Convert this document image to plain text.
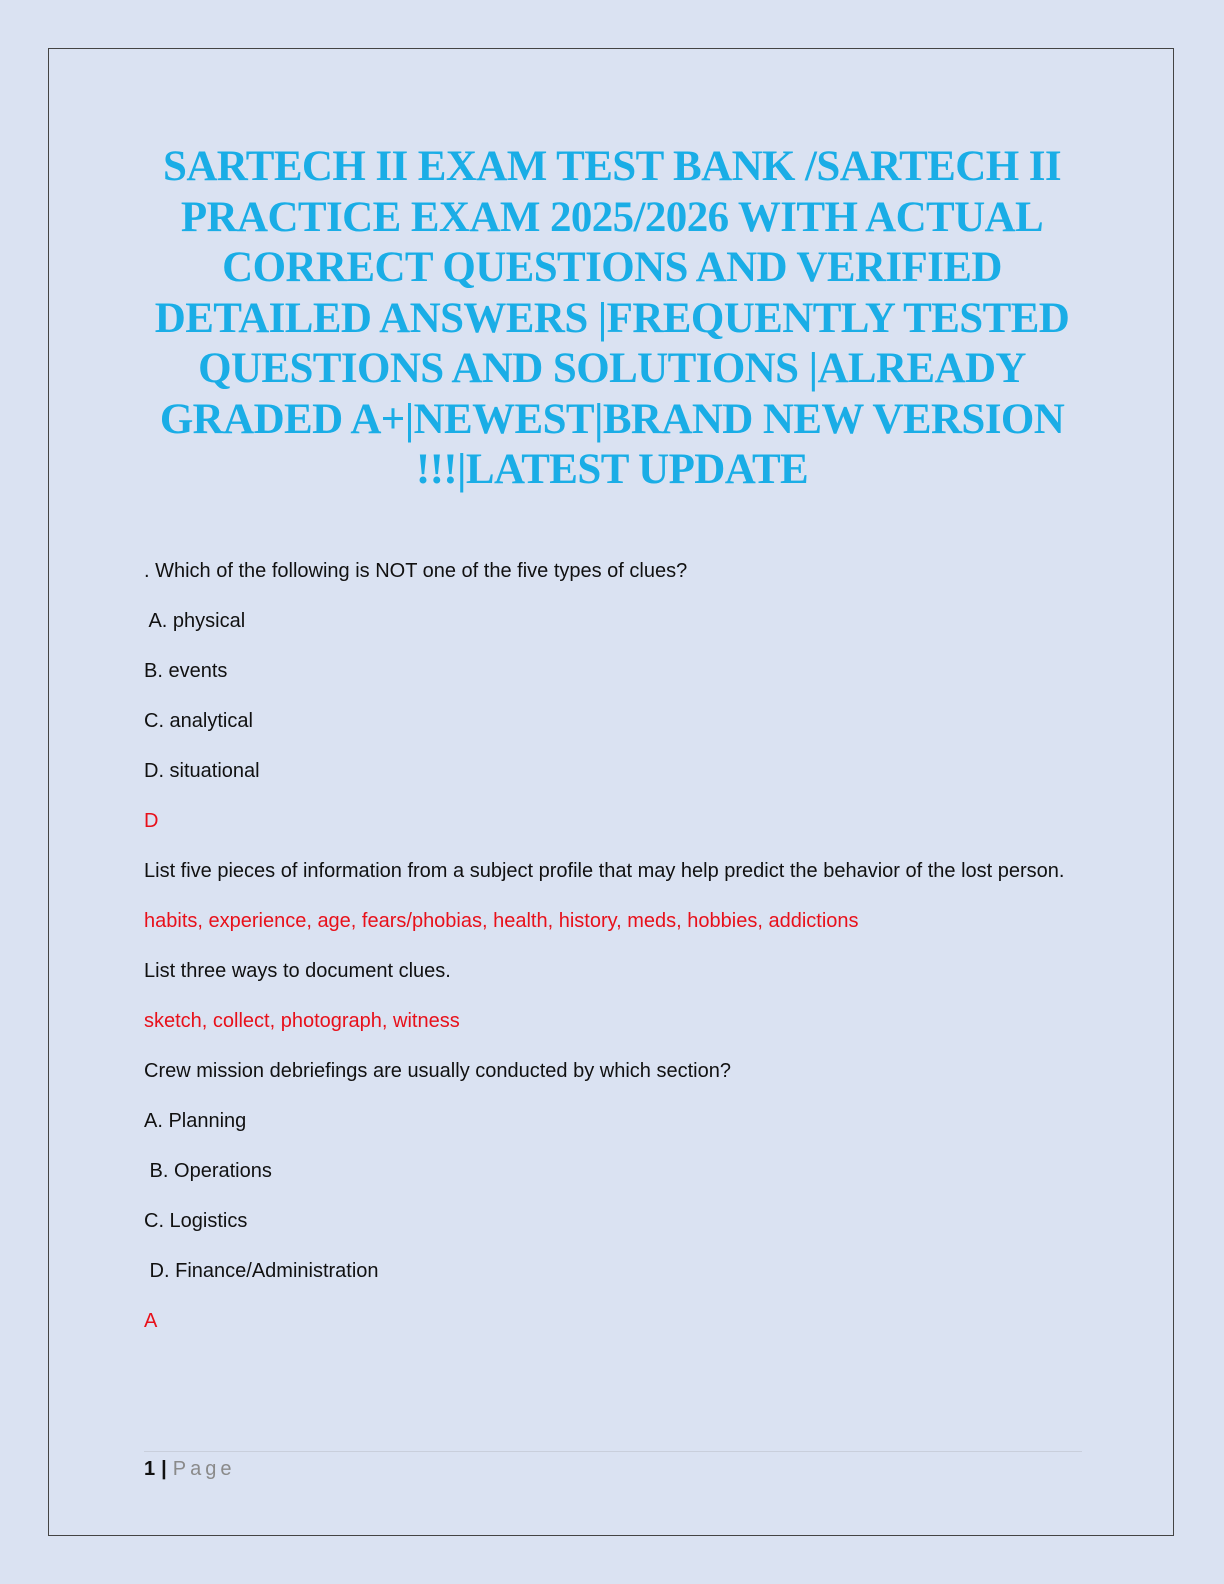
SARTECH II EXAM TEST BANK /SARTECH II
PRACTICE EXAM 2025/2026 WITH ACTUAL
CORRECT QUESTIONS AND VERIFIED
DETAILED ANSWERS |FREQUENTLY TESTED
QUESTIONS AND SOLUTIONS |ALREADY
GRADED A+|NEWEST|BRAND NEW VERSION
!!!|LATEST UPDATE

. Which of the following is NOT one of the five types of clues?

A. physical

B. events

C. analytical

D. situational

D

List five pieces of information from a subject profile that may help predict the behavior of the lost person.

habits, experience, age, fears/phobias, health, history, meds, hobbies, addictions

List three ways to document clues.

sketch, collect, photograph, witness

Crew mission debriefings are usually conducted by which section?

A. Planning

B. Operations

C. Logistics

D. Finance/Administration

A

1 | Page
